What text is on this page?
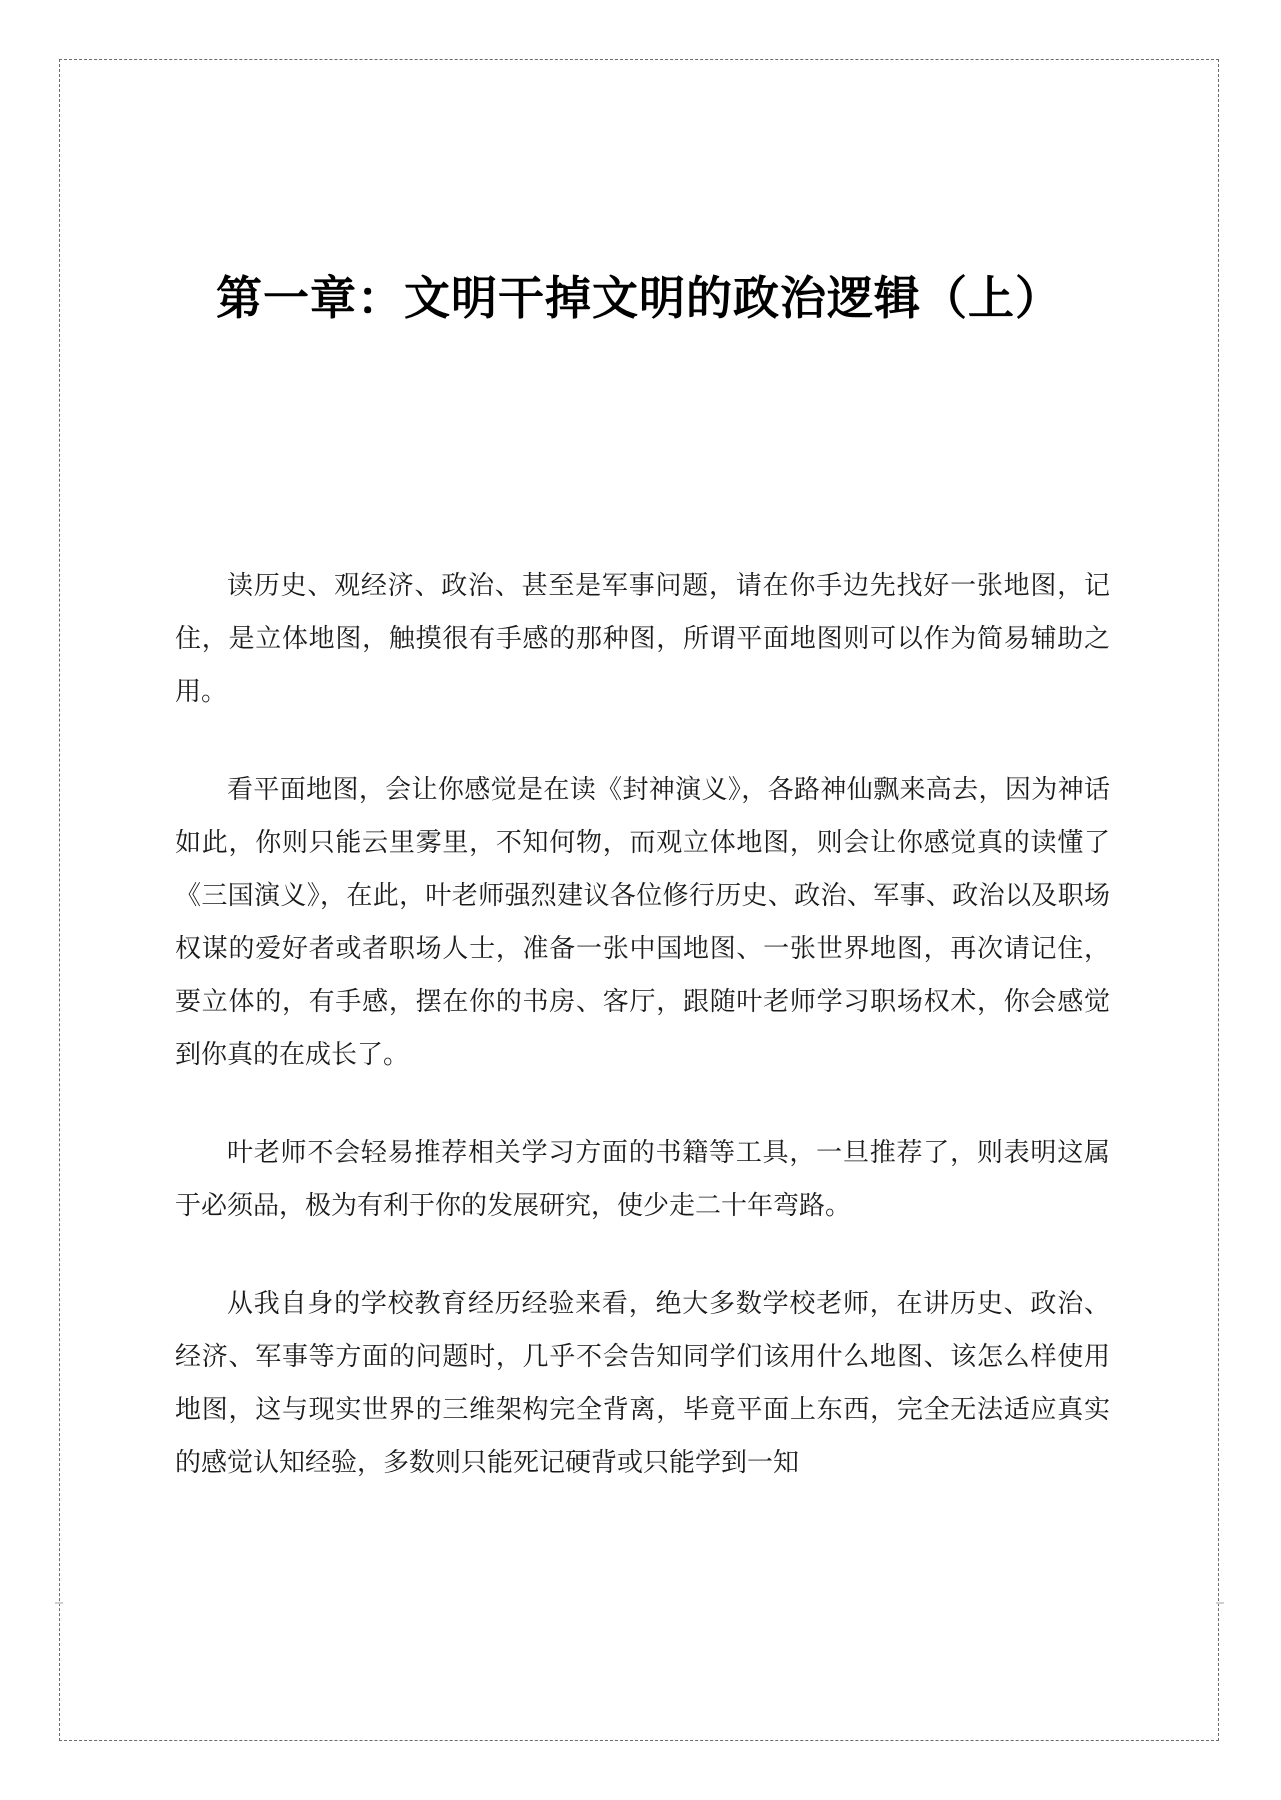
第一章：文明干掉文明的政治逻辑（上）

读历史、观经济、政治、甚至是军事问题，请在你手边先找好一张地图，记住，是立体地图，触摸很有手感的那种图，所谓平面地图则可以作为简易辅助之用。

看平面地图，会让你感觉是在读《封神演义》，各路神仙飘来高去，因为神话如此，你则只能云里雾里，不知何物，而观立体地图，则会让你感觉真的读懂了《三国演义》，在此，叶老师强烈建议各位修行历史、政治、军事、政治以及职场权谋的爱好者或者职场人士，准备一张中国地图、一张世界地图，再次请记住，要立体的，有手感，摆在你的书房、客厅，跟随叶老师学习职场权术，你会感觉到你真的在成长了。

叶老师不会轻易推荐相关学习方面的书籍等工具，一旦推荐了，则表明这属于必须品，极为有利于你的发展研究，使少走二十年弯路。

从我自身的学校教育经历经验来看，绝大多数学校老师，在讲历史、政治、经济、军事等方面的问题时，几乎不会告知同学们该用什么地图、该怎么样使用地图，这与现实世界的三维架构完全背离，毕竟平面上东西，完全无法适应真实的感觉认知经验，多数则只能死记硬背或只能学到一知
